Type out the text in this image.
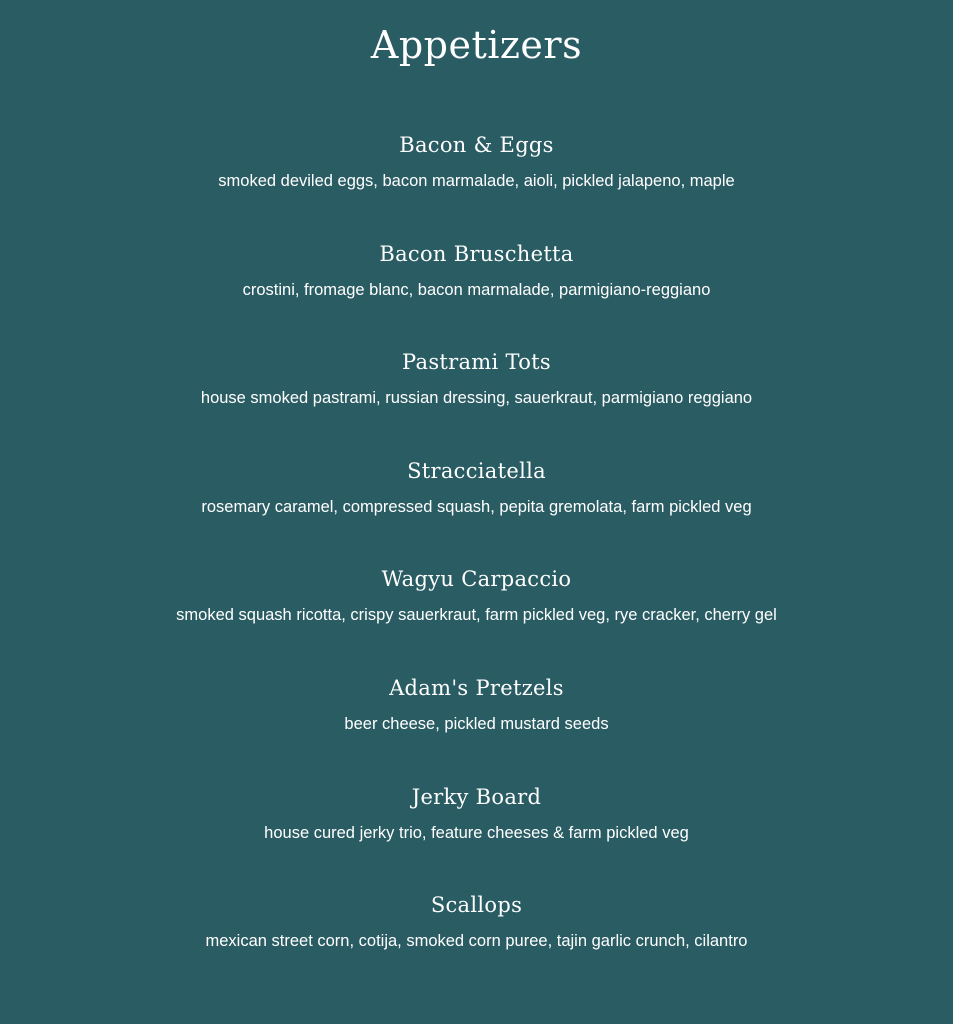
Appetizers
Bacon & Eggs
smoked deviled eggs, bacon marmalade, aioli, pickled jalapeno, maple
Bacon Bruschetta
crostini, fromage blanc, bacon marmalade, parmigiano-reggiano
Pastrami Tots
house smoked pastrami, russian dressing, sauerkraut, parmigiano reggiano
Stracciatella
rosemary caramel, compressed squash, pepita gremolata, farm pickled veg
Wagyu Carpaccio
smoked squash ricotta, crispy sauerkraut, farm pickled veg, rye cracker, cherry gel
Adam's Pretzels
beer cheese, pickled mustard seeds
Jerky Board
house cured jerky trio, feature cheeses & farm pickled veg
Scallops
mexican street corn, cotija, smoked corn puree, tajin garlic crunch, cilantro
